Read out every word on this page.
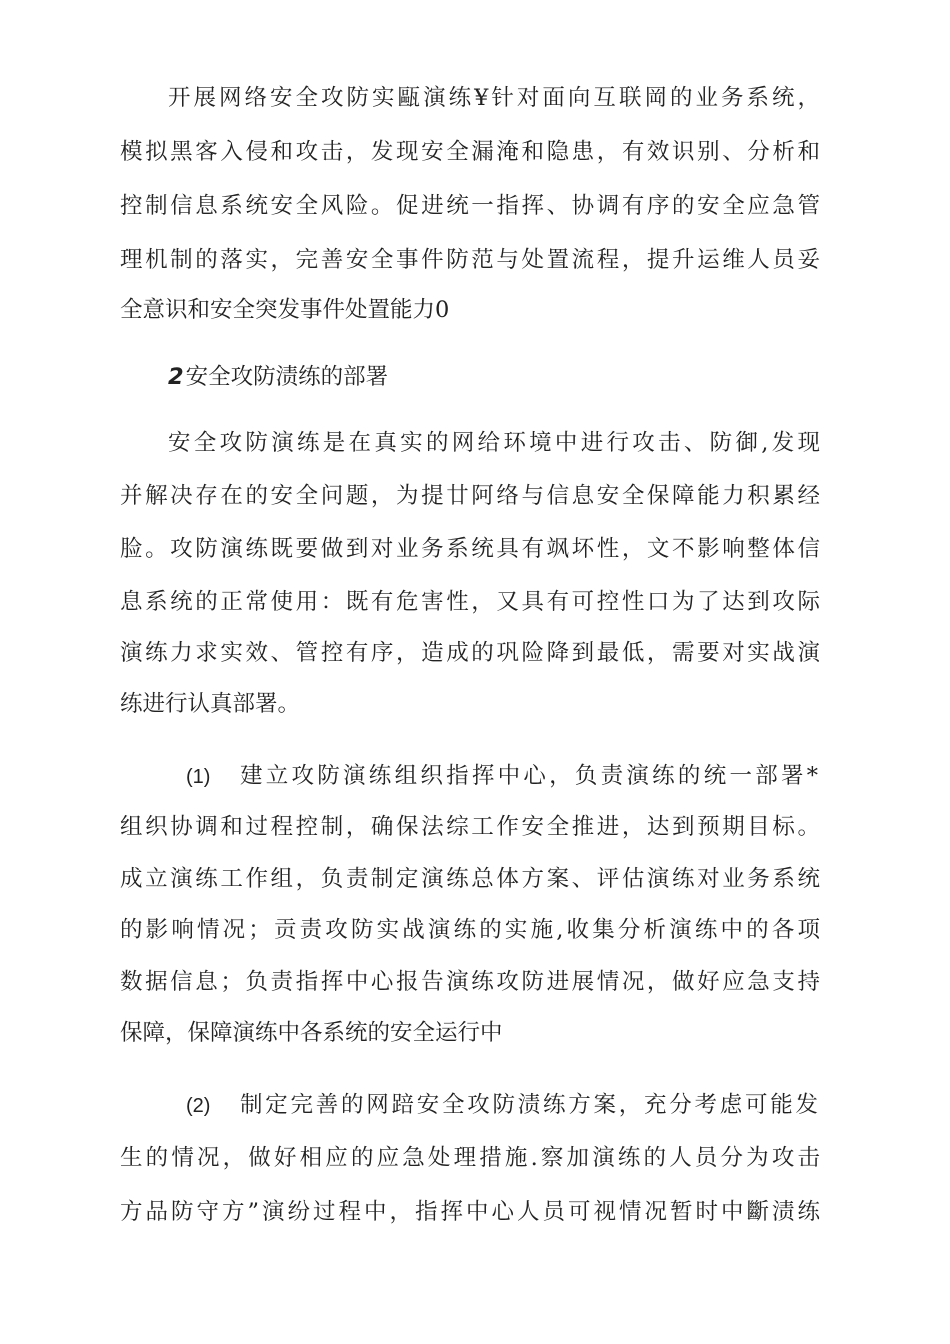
开展网络安全攻防实甌演练¥针对面向互联岡的业务系统，
模拟黑客入侵和攻击，发现安全漏淹和隐患，有效识别、分析和
控制信息系统安全风险。促进统一指挥、协调有序的安全应急管
理机制的落实，完善安全事件防范与处置流程，提升运维人员妥
全意识和安全突发事件处置能力0
2安全攻防渍练的部署
安全攻防演练是在真实的网给环境中进行攻击、防御,发现
并解决存在的安全问题，为提廿阿络与信息安全保障能力积累经
脸。攻防演练既要做到对业务系统具有飒坏性，文不影响整体信
息系统的正常使用：既有危害性，又具有可控性口为了达到攻际
演练力求实效、管控有序，造成的巩险降到最低，需要对实战演
练进行认真部署。
(1) 建立攻防演练组织指挥中心，负责演练的统一部署*
组织协调和过程控制，确保法综工作安全推进，达到预期目标。
成立演练工作组，负责制定演练总体方案、评估演练对业务系统
的影响情况；贡责攻防实战演练的实施,收集分析演练中的各项
数据信息；负责指挥中心报告演练攻防进展情况，做好应急支持
保障，保障演练中各系统的安全运行中
(2) 制定完善的网踣安全攻防渍练方案，充分考虑可能发
生的情况，做好相应的应急处理措施.察加演练的人员分为攻击
方品防守方”演纷过程中，指挥中心人员可视情况暂时中斷渍练
